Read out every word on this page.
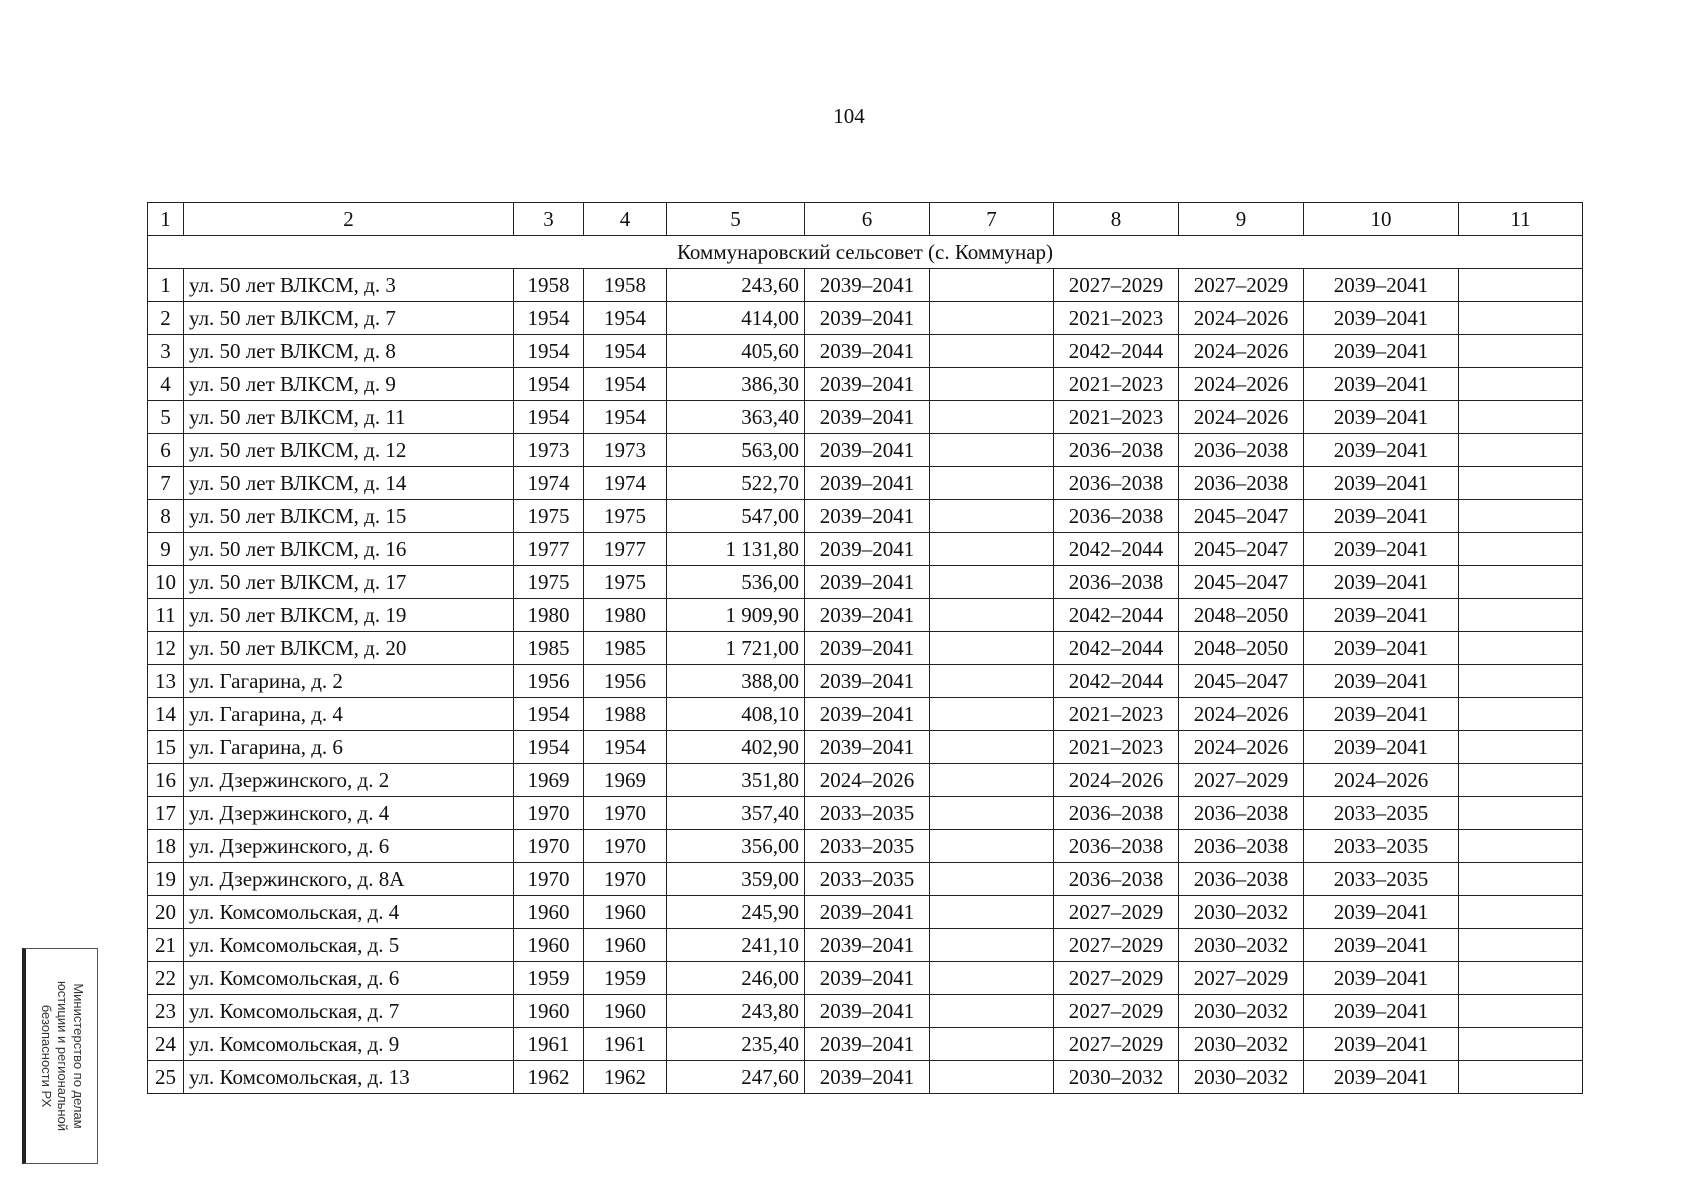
104
1	2	3	4	5	6	7	8	9	10	11
Коммунаровский сельсовет (с. Коммунар)										
1	ул. 50 лет ВЛКСМ, д. 3	1958	1958	243,60	2039–2041		2027–2029	2027–2029	2039–2041	
2	ул. 50 лет ВЛКСМ, д. 7	1954	1954	414,00	2039–2041		2021–2023	2024–2026	2039–2041	
3	ул. 50 лет ВЛКСМ, д. 8	1954	1954	405,60	2039–2041		2042–2044	2024–2026	2039–2041	
4	ул. 50 лет ВЛКСМ, д. 9	1954	1954	386,30	2039–2041		2021–2023	2024–2026	2039–2041	
5	ул. 50 лет ВЛКСМ, д. 11	1954	1954	363,40	2039–2041		2021–2023	2024–2026	2039–2041	
6	ул. 50 лет ВЛКСМ, д. 12	1973	1973	563,00	2039–2041		2036–2038	2036–2038	2039–2041	
7	ул. 50 лет ВЛКСМ, д. 14	1974	1974	522,70	2039–2041		2036–2038	2036–2038	2039–2041	
8	ул. 50 лет ВЛКСМ, д. 15	1975	1975	547,00	2039–2041		2036–2038	2045–2047	2039–2041	
9	ул. 50 лет ВЛКСМ, д. 16	1977	1977	1 131,80	2039–2041		2042–2044	2045–2047	2039–2041	
10	ул. 50 лет ВЛКСМ, д. 17	1975	1975	536,00	2039–2041		2036–2038	2045–2047	2039–2041	
11	ул. 50 лет ВЛКСМ, д. 19	1980	1980	1 909,90	2039–2041		2042–2044	2048–2050	2039–2041	
12	ул. 50 лет ВЛКСМ, д. 20	1985	1985	1 721,00	2039–2041		2042–2044	2048–2050	2039–2041	
13	ул. Гагарина, д. 2	1956	1956	388,00	2039–2041		2042–2044	2045–2047	2039–2041	
14	ул. Гагарина, д. 4	1954	1988	408,10	2039–2041		2021–2023	2024–2026	2039–2041	
15	ул. Гагарина, д. 6	1954	1954	402,90	2039–2041		2021–2023	2024–2026	2039–2041	
16	ул. Дзержинского, д. 2	1969	1969	351,80	2024–2026		2024–2026	2027–2029	2024–2026	
17	ул. Дзержинского, д. 4	1970	1970	357,40	2033–2035		2036–2038	2036–2038	2033–2035	
18	ул. Дзержинского, д. 6	1970	1970	356,00	2033–2035		2036–2038	2036–2038	2033–2035	
19	ул. Дзержинского, д. 8А	1970	1970	359,00	2033–2035		2036–2038	2036–2038	2033–2035	
20	ул. Комсомольская, д. 4	1960	1960	245,90	2039–2041		2027–2029	2030–2032	2039–2041	
21	ул. Комсомольская, д. 5	1960	1960	241,10	2039–2041		2027–2029	2030–2032	2039–2041	
22	ул. Комсомольская, д. 6	1959	1959	246,00	2039–2041		2027–2029	2027–2029	2039–2041	
23	ул. Комсомольская, д. 7	1960	1960	243,80	2039–2041		2027–2029	2030–2032	2039–2041	
24	ул. Комсомольская, д. 9	1961	1961	235,40	2039–2041		2027–2029	2030–2032	2039–2041	
25	ул. Комсомольская, д. 13	1962	1962	247,60	2039–2041		2030–2032	2030–2032	2039–2041	
Министерство по делам
юстиции и региональной
безопасности РХ
